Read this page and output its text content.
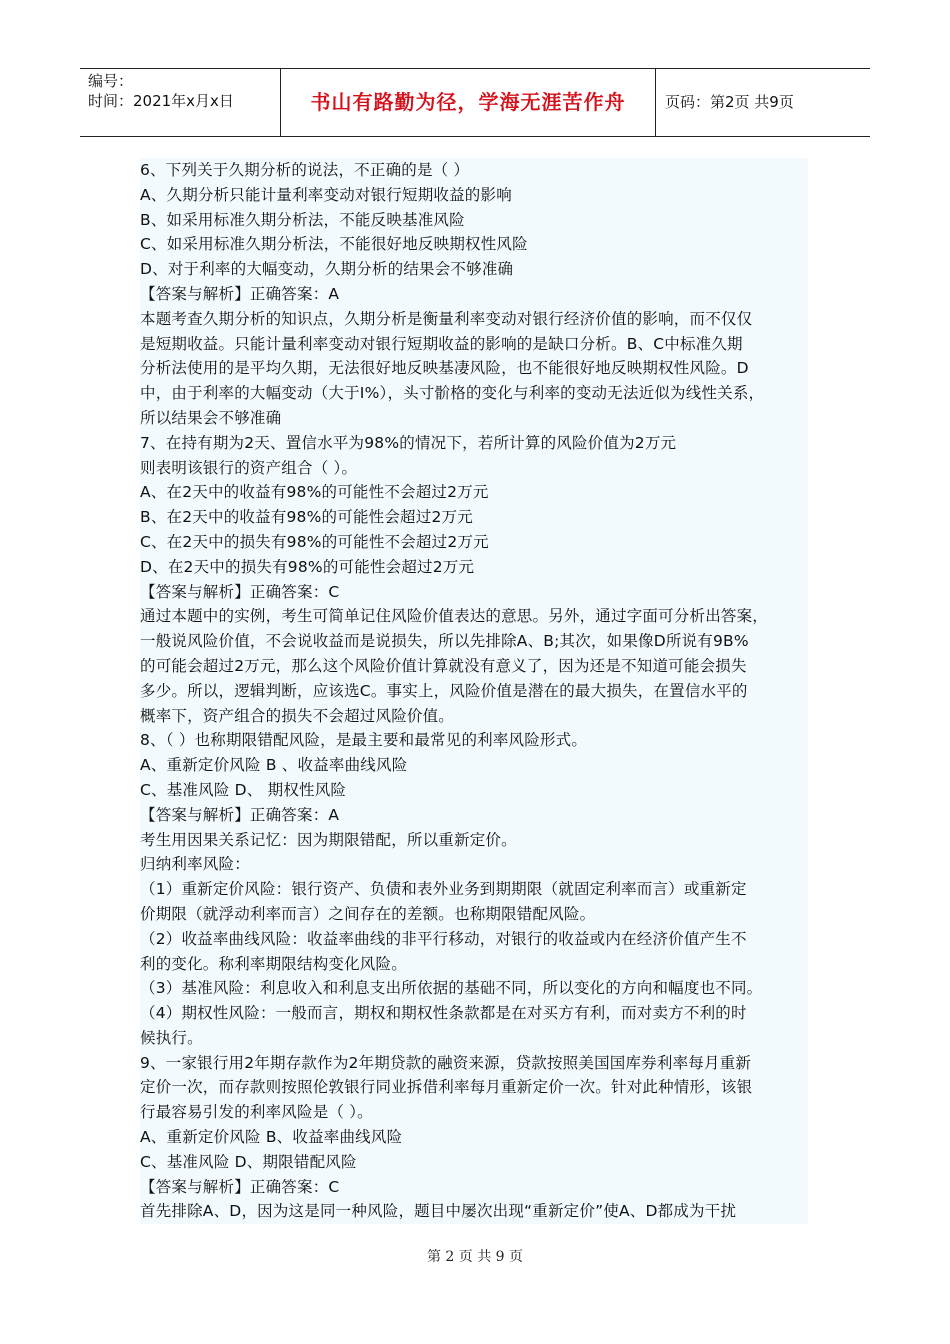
编号：
时间：2021年x月x日	书山有路勤为径，学海无涯苦作舟	页码：第2页 共9页
6、下列关于久期分析的说法，不正确的是（ ）
A、久期分析只能计量利率变动对银行短期收益的影响
B、如采用标准久期分析法，不能反映基准风险
C、如采用标准久期分析法，不能很好地反映期权性风险
D、对于利率的大幅变动，久期分析的结果会不够准确
【答案与解析】正确答案：A
本题考查久期分析的知识点，久期分析是衡量利率变动对银行经济价值的影响，而不仅仅
是短期收益。只能计量利率变动对银行短期收益的影响的是缺口分析。B、C中标准久期
分析法使用的是平均久期，无法很好地反映基凄风险，也不能很好地反映期权性风险。D
中，由于利率的大幅变动（大于I%），头寸骱格的变化与利率的变动无法近似为线性关系，
所以结果会不够准确
7、在持有期为2天、置信水平为98%的情况下，若所计算的风险价值为2万元
则表明该银行的资产组合（ ）。
A、在2天中的收益有98%的可能性不会超过2万元
B、在2天中的收益有98%的可能性会超过2万元
C、在2天中的损失有98%的可能性不会超过2万元
D、在2天中的损失有98%的可能性会超过2万元
【答案与解析】正确答案：C
通过本题中的实例，考生可简单记住风险价值表达的意思。另外，通过字面可分析出答案，
一般说风险价值，不会说收益而是说损失，所以先排除A、B;其次，如果像D所说有9B%
的可能会超过2万元，那么这个风险价值计算就没有意义了，因为还是不知道可能会损失
多少。所以，逻辑判断，应该选C。事实上，风险价值是潜在的最大损失，在置信水平的
概率下，资产组合的损失不会超过风险价值。
8、（ ）也称期限错配风险，是最主要和最常见的利率风险形式。
A、重新定价风险 B 、收益率曲线风险
C、基准风险 D、 期权性风险
【答案与解析】正确答案：A
考生用因果关系记忆：因为期限错配，所以重新定价。
归纳利率风险：
（1）重新定价风险：银行资产、负债和表外业务到期期限（就固定利率而言）或重新定
价期限（就浮动利率而言）之间存在的差额。也称期限错配风险。
（2）收益率曲线风险：收益率曲线的非平行移动，对银行的收益或内在经济价值产生不
利的变化。称利率期限结构变化风险。
（3）基准风险：利息收入和利息支出所依据的基础不同，所以变化的方向和幅度也不同。
（4）期权性风险：一般而言，期权和期权性条款都是在对买方有利，而对卖方不利的时
候执行。
9、一家银行用2年期存款作为2年期贷款的融资来源，贷款按照美国国库券利率每月重新
定价一次，而存款则按照伦敦银行同业拆借利率每月重新定价一次。针对此种情形，该银
行最容易引发的利率风险是（ ）。
A、重新定价风险 B、收益率曲线风险
C、基准风险 D、期限错配风险
【答案与解析】正确答案：C
首先排除A、D，因为这是同一种风险，题目中屡次出现“重新定价”使A、D都成为干扰
第 2 页 共 9 页
